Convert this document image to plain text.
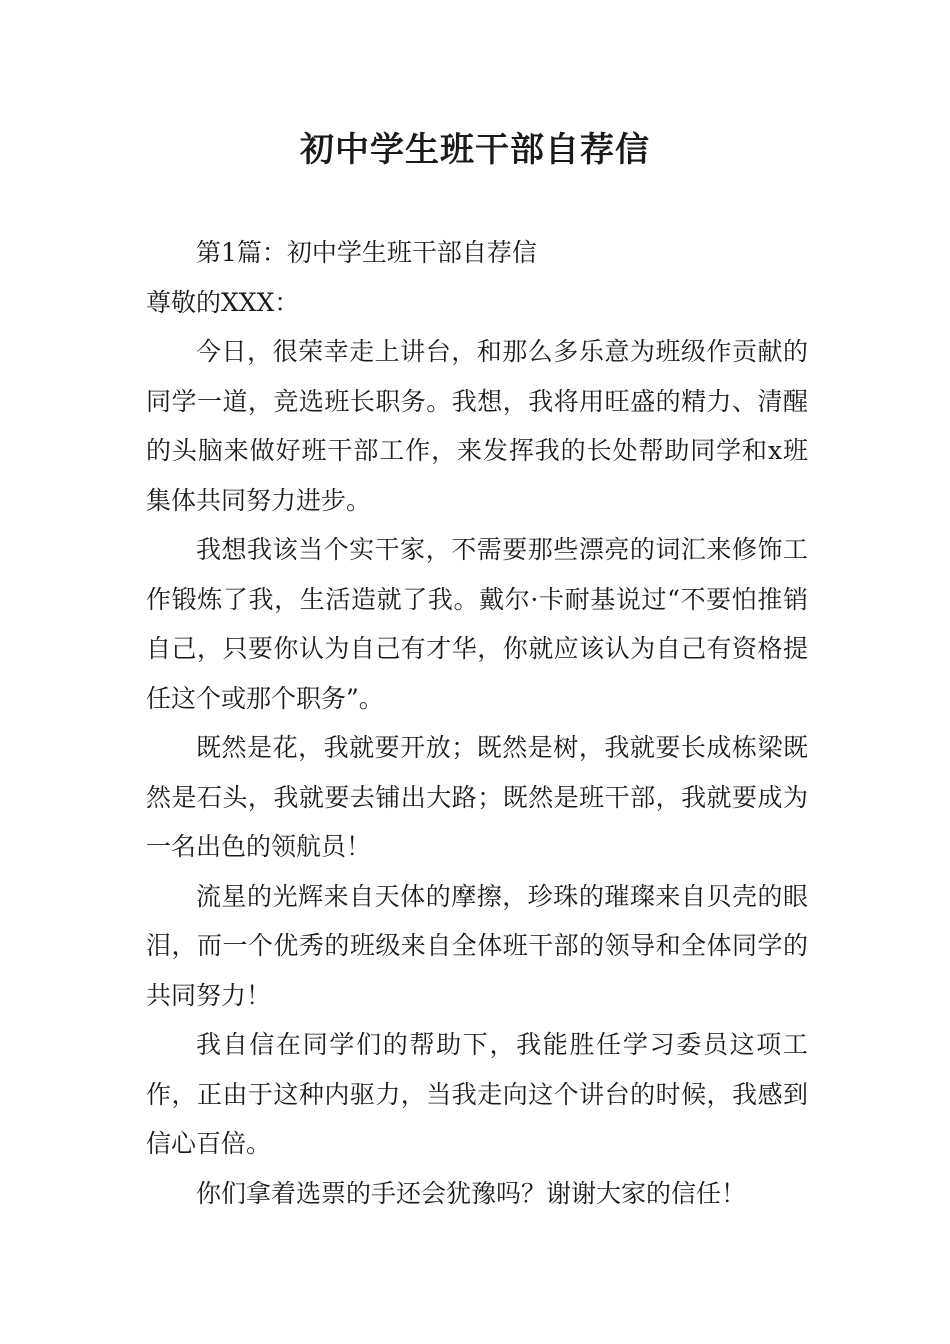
初中学生班干部自荐信

第1篇：初中学生班干部自荐信

尊敬的XXX：

今日，很荣幸走上讲台，和那么多乐意为班级作贡献的同学一道，竞选班长职务。我想，我将用旺盛的精力、清醒的头脑来做好班干部工作，来发挥我的长处帮助同学和x班集体共同努力进步。

我想我该当个实干家，不需要那些漂亮的词汇来修饰工作锻炼了我，生活造就了我。戴尔·卡耐基说过“不要怕推销自己，只要你认为自己有才华，你就应该认为自己有资格提任这个或那个职务”。

既然是花，我就要开放；既然是树，我就要长成栋梁既然是石头，我就要去铺出大路；既然是班干部，我就要成为一名出色的领航员！

流星的光辉来自天体的摩擦，珍珠的璀璨来自贝壳的眼泪，而一个优秀的班级来自全体班干部的领导和全体同学的共同努力！

我自信在同学们的帮助下，我能胜任学习委员这项工作，正由于这种内驱力，当我走向这个讲台的时候，我感到信心百倍。

你们拿着选票的手还会犹豫吗？谢谢大家的信任！
